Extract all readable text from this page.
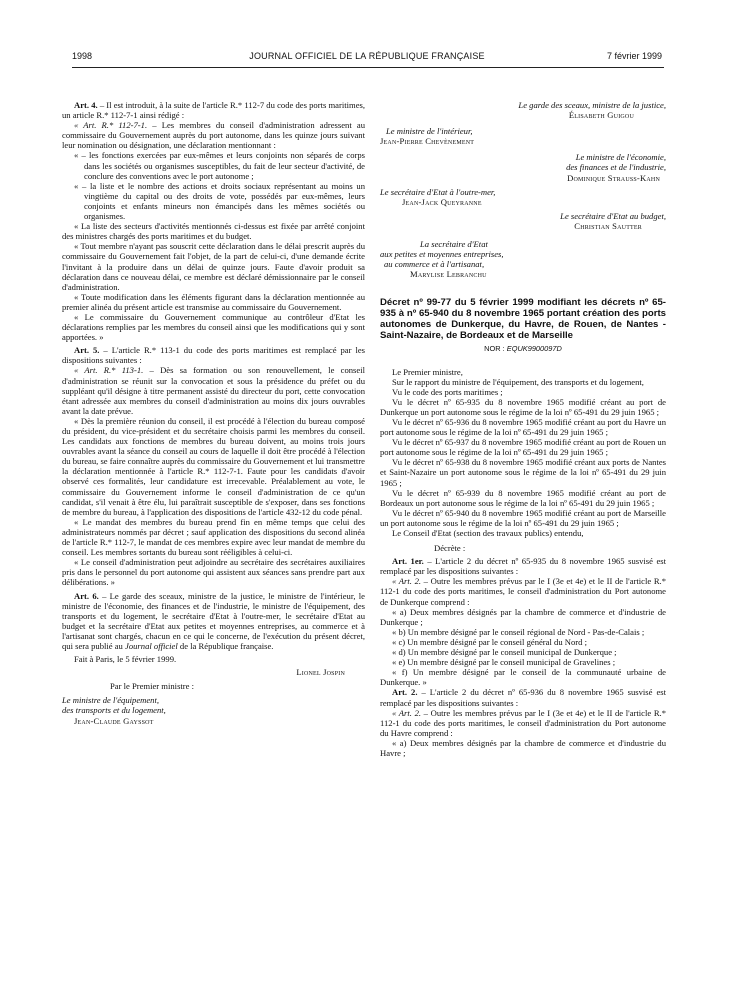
1998	JOURNAL OFFICIEL DE LA RÉPUBLIQUE FRANÇAISE	7 février 1999

Art. 4. – Il est introduit, à la suite de l'article R.* 112-7 du code des ports maritimes, un article R.* 112-7-1 ainsi rédigé :

« Art. R.* 112-7-1. – Les membres du conseil d'administration adressent au commissaire du Gouvernement auprès du port autonome, dans les quinze jours suivant leur nomination ou désignation, une déclaration mentionnant :

« – les fonctions exercées par eux-mêmes et leurs conjoints non séparés de corps dans les sociétés ou organismes susceptibles, du fait de leur secteur d'activité, de conclure des conventions avec le port autonome ;

« – la liste et le nombre des actions et droits sociaux représentant au moins un vingtième du capital ou des droits de vote, possédés par eux-mêmes, leurs conjoints et enfants mineurs non émancipés dans les mêmes sociétés ou organismes.

« La liste des secteurs d'activités mentionnés ci-dessus est fixée par arrêté conjoint des ministres chargés des ports maritimes et du budget.

« Tout membre n'ayant pas souscrit cette déclaration dans le délai prescrit auprès du commissaire du Gouvernement fait l'objet, de la part de celui-ci, d'une demande écrite l'invitant à la produire dans un délai de quinze jours. Faute d'avoir produit sa déclaration dans ce nouveau délai, ce membre est déclaré démissionnaire par le conseil d'administration.

« Toute modification dans les éléments figurant dans la déclaration mentionnée au premier alinéa du présent article est transmise au commissaire du Gouvernement.

« Le commissaire du Gouvernement communique au contrôleur d'Etat les déclarations remplies par les membres du conseil ainsi que les modifications qui y sont apportées. »

Art. 5. – L'article R.* 113-1 du code des ports maritimes est remplacé par les dispositions suivantes :

« Art. R.* 113-1. – Dès sa formation ou son renouvellement, le conseil d'administration se réunit sur la convocation et sous la présidence du préfet ou du suppléant qu'il désigne à titre permanent assisté du directeur du port, cette convocation étant adressée aux membres du conseil d'administration au moins dix jours ouvrables avant la date prévue.

« Dès la première réunion du conseil, il est procédé à l'élection du bureau composé du président, du vice-président et du secrétaire choisis parmi les membres du conseil. Les candidats aux fonctions de membres du bureau doivent, au moins trois jours ouvrables avant la séance du conseil au cours de laquelle il doit être procédé à l'élection du bureau, se faire connaître auprès du commissaire du Gouvernement et lui transmettre la déclaration mentionnée à l'article R.* 112-7-1. Faute pour les candidats d'avoir observé ces formalités, leur candidature est irrecevable. Préalablement au vote, le commissaire du Gouvernement informe le conseil d'administration de ce qu'un candidat, s'il venait à être élu, lui paraîtrait susceptible de s'exposer, dans ses fonctions de membre du bureau, à l'application des dispositions de l'article 432-12 du code pénal.

« Le mandat des membres du bureau prend fin en même temps que celui des administrateurs nommés par décret ; sauf application des dispositions du second alinéa de l'article R.* 112-7, le mandat de ces membres expire avec leur mandat de membre du conseil. Les membres sortants du bureau sont rééligibles à celui-ci.

« Le conseil d'administration peut adjoindre au secrétaire des secrétaires auxiliaires pris dans le personnel du port autonome qui assistent aux séances sans prendre part aux délibérations. »

Art. 6. – Le garde des sceaux, ministre de la justice, le ministre de l'intérieur, le ministre de l'économie, des finances et de l'industrie, le ministre de l'équipement, des transports et du logement, le secrétaire d'Etat à l'outre-mer, le secrétaire d'Etat au budget et la secrétaire d'Etat aux petites et moyennes entreprises, au commerce et à l'artisanat sont chargés, chacun en ce qui le concerne, de l'exécution du présent décret, qui sera publié au Journal officiel de la République française.

Fait à Paris, le 5 février 1999.

Lionel Jospin

Par le Premier ministre :

Le ministre de l'équipement,

des transports et du logement,

Jean-Claude Gayssot

Le garde des sceaux, ministre de la justice,

Élisabeth Guigou

Le ministre de l'intérieur,

Jean-Pierre Chevènement

Le ministre de l'économie,

des finances et de l'industrie,

Dominique Strauss-Kahn

Le secrétaire d'Etat à l'outre-mer,

Jean-Jack Queyranne

Le secrétaire d'Etat au budget,

Christian Sautter

La secrétaire d'Etat

aux petites et moyennes entreprises,

au commerce et à l'artisanat,

Marylise Lebranchu

Décret nº 99-77 du 5 février 1999 modifiant les décrets nº 65-935 à nº 65-940 du 8 novembre 1965 portant création des ports autonomes de Dunkerque, du Havre, de Rouen, de Nantes - Saint-Nazaire, de Bordeaux et de Marseille

NOR : EQUK9900097D

Le Premier ministre,

Sur le rapport du ministre de l'équipement, des transports et du logement,

Vu le code des ports maritimes ;

Vu le décret nº 65-935 du 8 novembre 1965 modifié créant au port de Dunkerque un port autonome sous le régime de la loi nº 65-491 du 29 juin 1965 ;

Vu le décret nº 65-936 du 8 novembre 1965 modifié créant au port du Havre un port autonome sous le régime de la loi nº 65-491 du 29 juin 1965 ;

Vu le décret nº 65-937 du 8 novembre 1965 modifié créant au port de Rouen un port autonome sous le régime de la loi nº 65-491 du 29 juin 1965 ;

Vu le décret nº 65-938 du 8 novembre 1965 modifié créant aux ports de Nantes et Saint-Nazaire un port autonome sous le régime de la loi nº 65-491 du 29 juin 1965 ;

Vu le décret nº 65-939 du 8 novembre 1965 modifié créant au port de Bordeaux un port autonome sous le régime de la loi nº 65-491 du 29 juin 1965 ;

Vu le décret nº 65-940 du 8 novembre 1965 modifié créant au port de Marseille un port autonome sous le régime de la loi nº 65-491 du 29 juin 1965 ;

Le Conseil d'Etat (section des travaux publics) entendu,

Décrète :

Art. 1er. – L'article 2 du décret nº 65-935 du 8 novembre 1965 susvisé est remplacé par les dispositions suivantes :

« Art. 2. – Outre les membres prévus par le I (3e et 4e) et le II de l'article R.* 112-1 du code des ports maritimes, le conseil d'administration du Port autonome de Dunkerque comprend :

« a) Deux membres désignés par la chambre de commerce et d'industrie de Dunkerque ;

« b) Un membre désigné par le conseil régional de Nord - Pas-de-Calais ;

« c) Un membre désigné par le conseil général du Nord ;

« d) Un membre désigné par le conseil municipal de Dunkerque ;

« e) Un membre désigné par le conseil municipal de Gravelines ;

« f) Un membre désigné par le conseil de la communauté urbaine de Dunkerque. »

Art. 2. – L'article 2 du décret nº 65-936 du 8 novembre 1965 susvisé est remplacé par les dispositions suivantes :

« Art. 2. – Outre les membres prévus par le I (3e et 4e) et le II de l'article R.* 112-1 du code des ports maritimes, le conseil d'administration du Port autonome du Havre comprend :

« a) Deux membres désignés par la chambre de commerce et d'industrie du Havre ;
